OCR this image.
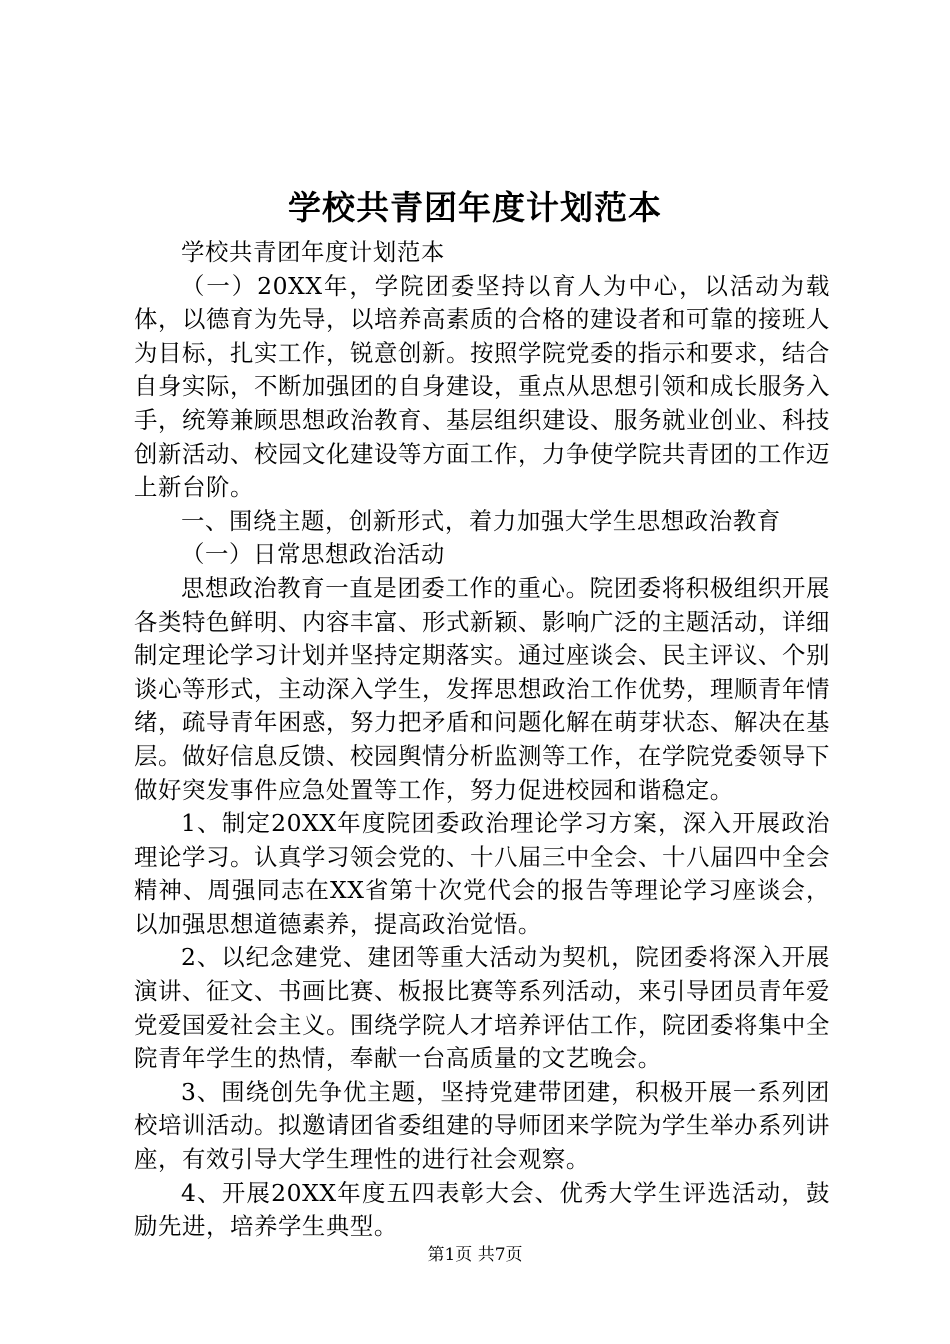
学校共青团年度计划范本

学校共青团年度计划范本

（一）20XX年，学院团委坚持以育人为中心，以活动为载体，以德育为先导，以培养高素质的合格的建设者和可靠的接班人为目标，扎实工作，锐意创新。按照学院党委的指示和要求，结合自身实际，不断加强团的自身建设，重点从思想引领和成长服务入手，统筹兼顾思想政治教育、基层组织建设、服务就业创业、科技创新活动、校园文化建设等方面工作，力争使学院共青团的工作迈上新台阶。

一、围绕主题，创新形式，着力加强大学生思想政治教育

（一）日常思想政治活动

思想政治教育一直是团委工作的重心。院团委将积极组织开展各类特色鲜明、内容丰富、形式新颖、影响广泛的主题活动，详细制定理论学习计划并坚持定期落实。通过座谈会、民主评议、个别谈心等形式，主动深入学生，发挥思想政治工作优势，理顺青年情绪，疏导青年困惑，努力把矛盾和问题化解在萌芽状态、解决在基层。做好信息反馈、校园舆情分析监测等工作，在学院党委领导下做好突发事件应急处置等工作，努力促进校园和谐稳定。

1、制定20XX年度院团委政治理论学习方案，深入开展政治理论学习。认真学习领会党的、十八届三中全会、十八届四中全会精神、周强同志在XX省第十次党代会的报告等理论学习座谈会，以加强思想道德素养，提高政治觉悟。

2、以纪念建党、建团等重大活动为契机，院团委将深入开展演讲、征文、书画比赛、板报比赛等系列活动，来引导团员青年爱党爱国爱社会主义。围绕学院人才培养评估工作，院团委将集中全院青年学生的热情，奉献一台高质量的文艺晚会。

3、围绕创先争优主题，坚持党建带团建，积极开展一系列团校培训活动。拟邀请团省委组建的导师团来学院为学生举办系列讲座，有效引导大学生理性的进行社会观察。

4、开展20XX年度五四表彰大会、优秀大学生评选活动，鼓励先进，培养学生典型。

第1页 共7页
